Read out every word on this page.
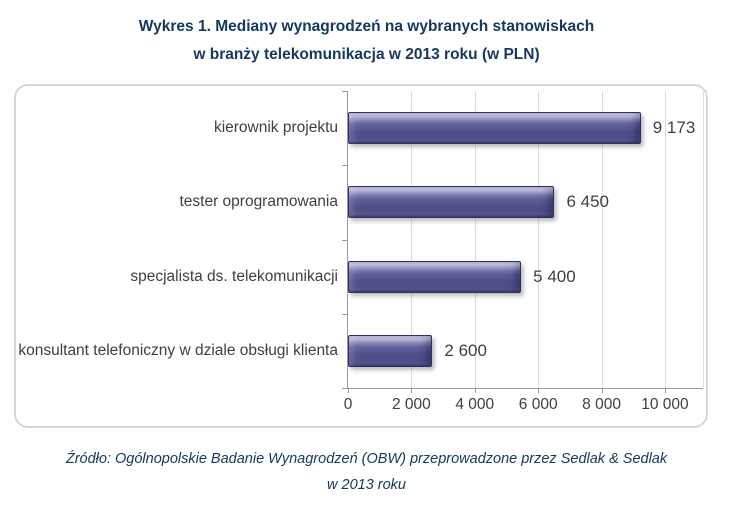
Wykres 1. Mediany wynagrodzeń na wybranych stanowiskach
w branży telekomunikacja w 2013 roku (w PLN)
9 173
kierownik projektu
6 450
tester oprogramowania
5 400
specjalista ds. telekomunikacji
2 600
konsultant telefoniczny w dziale obsługi klienta
0	2 000 4 000 6 000 8 000 10 000
Źródło: Ogólnopolskie Badanie Wynagrodzeń (OBW) przeprowadzone przez Sedlak & Sedlak
w 2013 roku
